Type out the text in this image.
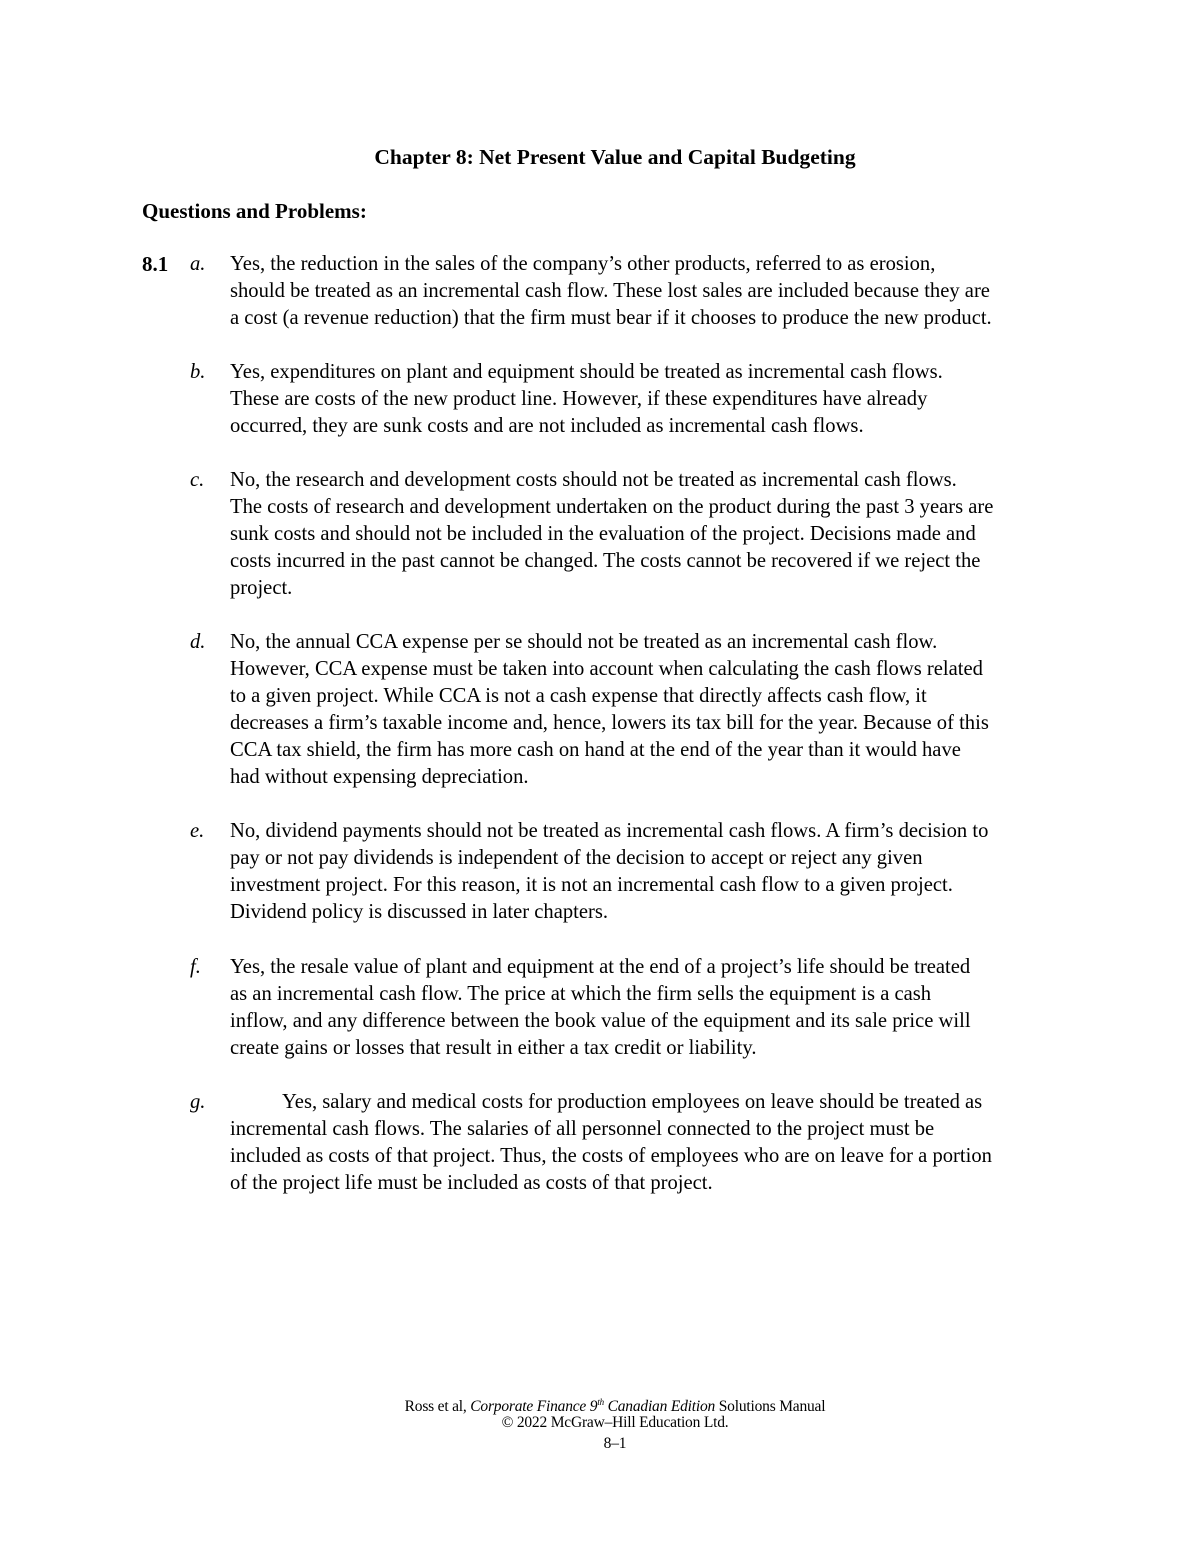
Chapter 8: Net Present Value and Capital Budgeting
Questions and Problems:
8.1 a.	Yes, the reduction in the sales of the company’s other products, referred to as erosion,
should be treated as an incremental cash flow. These lost sales are included because they are
a cost (a revenue reduction) that the firm must bear if it chooses to produce the new product.
b.	Yes, expenditures on plant and equipment should be treated as incremental cash flows.
These are costs of the new product line. However, if these expenditures have already
occurred, they are sunk costs and are not included as incremental cash flows.
c.	No, the research and development costs should not be treated as incremental cash flows.
The costs of research and development undertaken on the product during the past 3 years are
sunk costs and should not be included in the evaluation of the project. Decisions made and
costs incurred in the past cannot be changed. The costs cannot be recovered if we reject the
project.
d.	No, the annual CCA expense per se should not be treated as an incremental cash flow.
However, CCA expense must be taken into account when calculating the cash flows related
to a given project. While CCA is not a cash expense that directly affects cash flow, it
decreases a firm’s taxable income and, hence, lowers its tax bill for the year. Because of this
CCA tax shield, the firm has more cash on hand at the end of the year than it would have
had without expensing depreciation.
e.	No, dividend payments should not be treated as incremental cash flows. A firm’s decision to
pay or not pay dividends is independent of the decision to accept or reject any given
investment project. For this reason, it is not an incremental cash flow to a given project.
Dividend policy is discussed in later chapters.
f.	Yes, the resale value of plant and equipment at the end of a project’s life should be treated
as an incremental cash flow. The price at which the firm sells the equipment is a cash
inflow, and any difference between the book value of the equipment and its sale price will
create gains or losses that result in either a tax credit or liability.
g.	Yes, salary and medical costs for production employees on leave should be treated as
incremental cash flows. The salaries of all personnel connected to the project must be
included as costs of that project. Thus, the costs of employees who are on leave for a portion
of the project life must be included as costs of that project.
Ross et al, Corporate Finance 9th Canadian Edition Solutions Manual
© 2022 McGraw–Hill Education Ltd.
8–1
